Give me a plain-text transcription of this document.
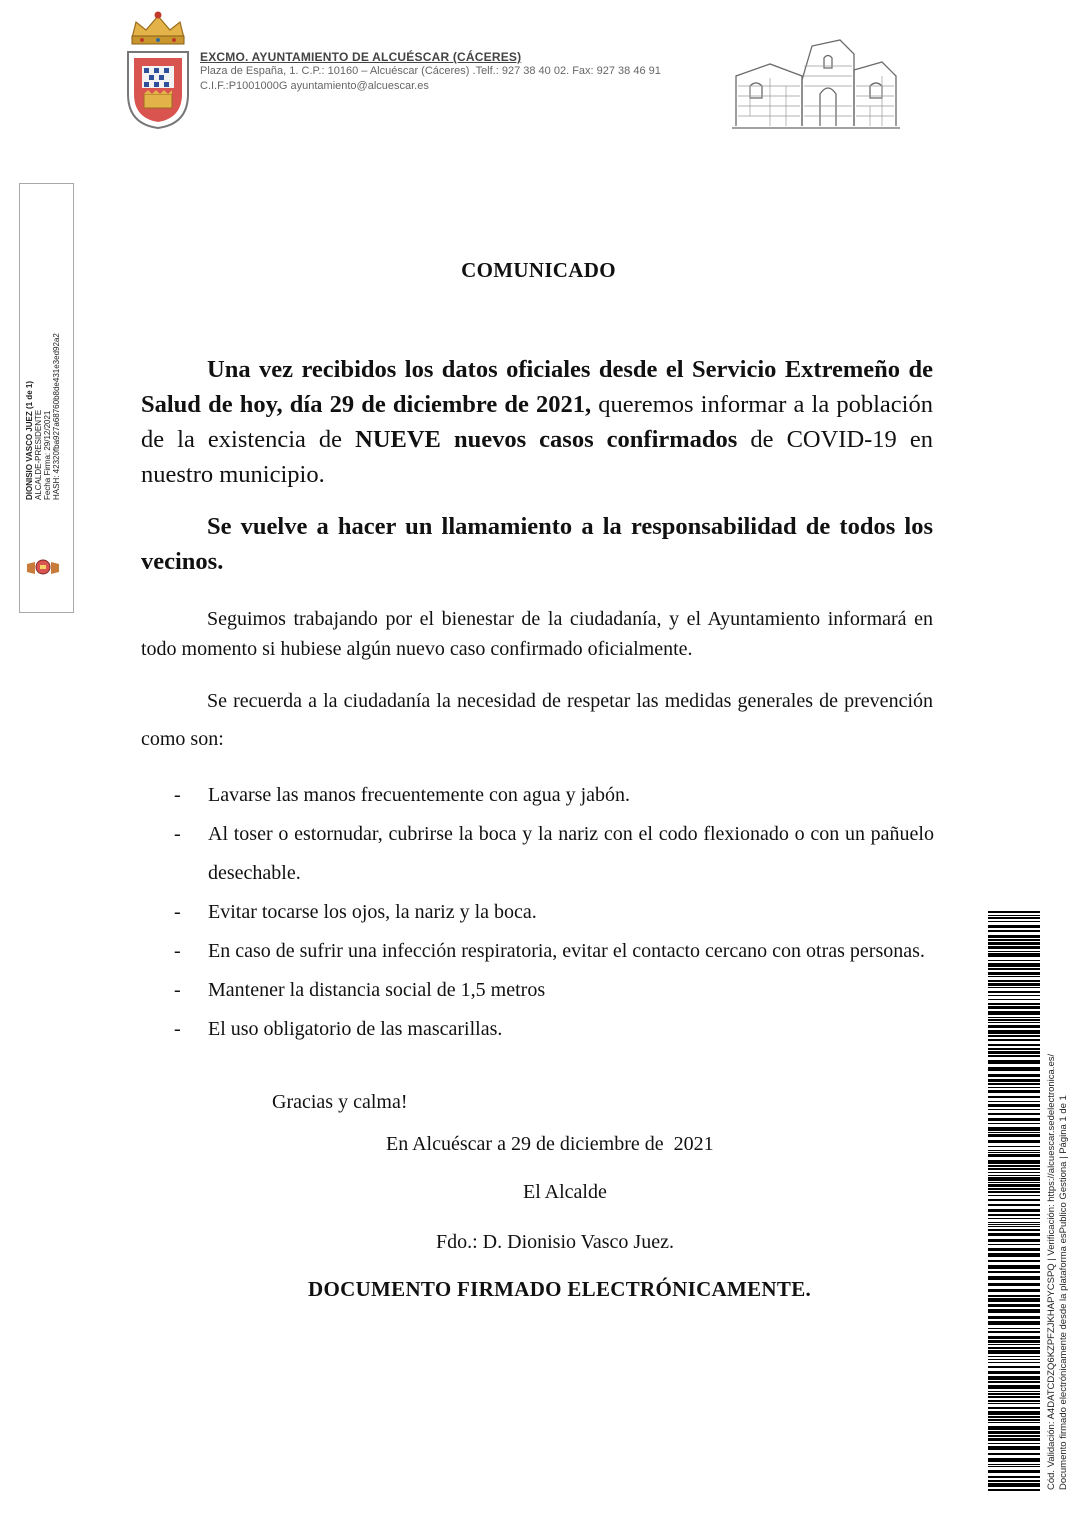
EXCMO. AYUNTAMIENTO DE ALCUÉSCAR (CÁCERES)
Plaza de España, 1. C.P.: 10160 – Alcuéscar (Cáceres) .Telf.: 927 38 40 02. Fax: 927 38 46 91
C.I.F.:P1001000G ayuntamiento@alcuescar.es
DIONISIO VASCO JUEZ (1 de 1) ALCALDE-PRESIDENTE Fecha Firma: 29/12/2021 HASH: 42320fba927a68760b8de431e3ed92a2
COMUNICADO
Una vez recibidos los datos oficiales desde el Servicio Extremeño de Salud de hoy, día 29 de diciembre de 2021, queremos informar a la población de la existencia de NUEVE nuevos casos confirmados de COVID-19 en nuestro municipio.
Se vuelve a hacer un llamamiento a la responsabilidad de todos los vecinos.
Seguimos trabajando por el bienestar de la ciudadanía, y el Ayuntamiento informará en todo momento si hubiese algún nuevo caso confirmado oficialmente.
Se recuerda a la ciudadanía la necesidad de respetar las medidas generales de prevención como son:
- Lavarse las manos frecuentemente con agua y jabón.
- Al toser o estornudar, cubrirse la boca y la nariz con el codo flexionado o con un pañuelo desechable.
- Evitar tocarse los ojos, la nariz y la boca.
- En caso de sufrir una infección respiratoria, evitar el contacto cercano con otras personas.
- Mantener la distancia social de 1,5 metros
- El uso obligatorio de las mascarillas.
Gracias y calma!
En Alcuéscar a 29 de diciembre de  2021
El Alcalde
Fdo.: D. Dionisio Vasco Juez.
DOCUMENTO FIRMADO ELECTRÓNICAMENTE.	Cód. Validación: A4DATCDZQ6KZPFZJKHAPYCSPQ | Verificación: https://alcuescar.sedelectronica.es/ Documento firmado electrónicamente desde la plataforma esPublico Gestiona | Página 1 de 1
